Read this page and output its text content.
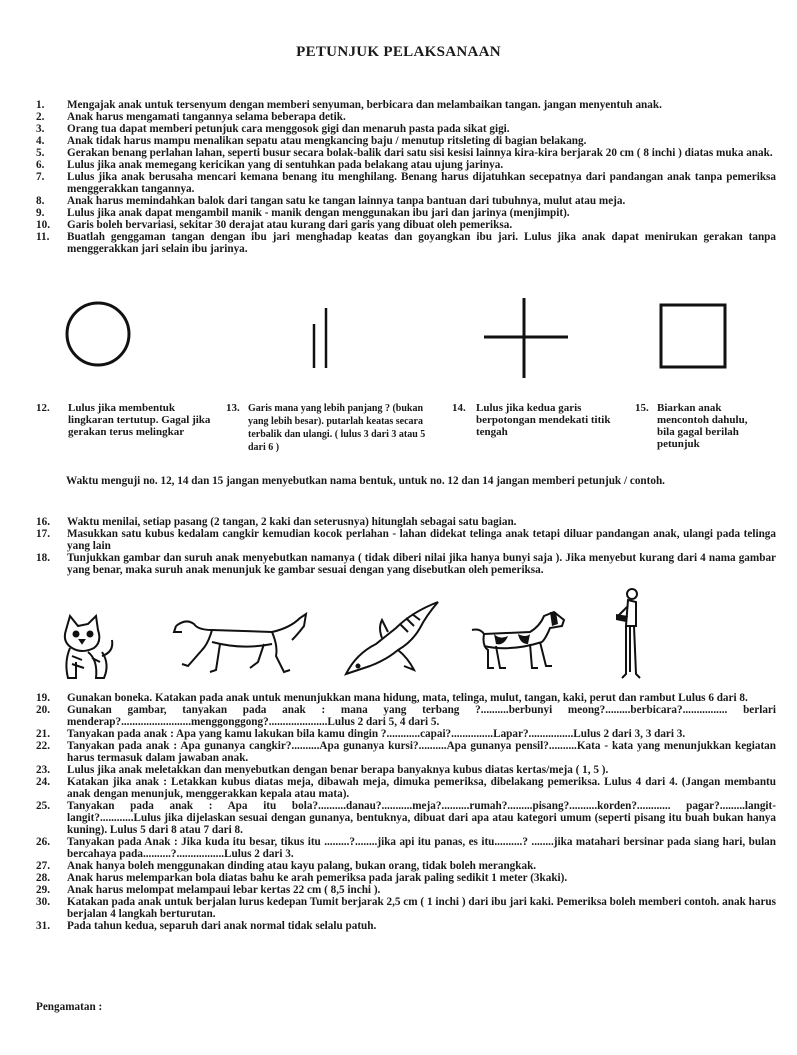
PETUNJUK PELAKSANAAN
1.	Mengajak anak untuk tersenyum dengan memberi senyuman, berbicara dan melambaikan tangan. jangan menyentuh anak.
2.	Anak harus mengamati tangannya selama beberapa detik.
3.	Orang tua dapat memberi petunjuk cara menggosok gigi dan menaruh pasta pada sikat gigi.
4.	Anak tidak harus mampu menalikan sepatu atau mengkancing baju / menutup ritsleting di bagian belakang.
5.	Gerakan benang perlahan lahan, seperti busur secara bolak-balik dari satu sisi kesisi lainnya kira-kira berjarak 20 cm ( 8 inchi ) diatas muka anak.
6.	Lulus jika anak memegang kericikan yang di sentuhkan pada belakang atau ujung jarinya.
7.	Lulus jika anak berusaha mencari kemana benang itu menghilang. Benang harus dijatuhkan secepatnya dari pandangan anak tanpa pemeriksa menggerakkan tangannya.
8.	Anak harus memindahkan balok dari tangan satu ke tangan lainnya tanpa bantuan dari tubuhnya, mulut atau meja.
9.	Lulus jika anak dapat mengambil manik - manik dengan menggunakan ibu jari dan jarinya (menjimpit).
10.	Garis boleh bervariasi, sekitar 30 derajat atau kurang dari garis yang dibuat oleh pemeriksa.
11.	Buatlah genggaman tangan dengan ibu jari menghadap keatas dan goyangkan ibu jari. Lulus jika anak dapat menirukan gerakan tanpa menggerakkan jari selain ibu jarinya.
12. Lulus jika membentuk lingkaran tertutup. Gagal jika gerakan terus melingkar
13. Garis mana yang lebih panjang ? (bukan yang lebih besar). putarlah keatas secara terbalik dan ulangi. ( lulus 3 dari 3 atau 5 dari 6 )
14. Lulus jika kedua garis berpotongan mendekati titik tengah
15. Biarkan anak mencontoh dahulu, bila gagal berilah petunjuk
Waktu menguji no. 12, 14 dan 15 jangan menyebutkan nama bentuk, untuk no. 12 dan 14 jangan memberi petunjuk / contoh.
16.	Waktu menilai, setiap pasang (2 tangan, 2 kaki dan seterusnya) hitunglah sebagai satu bagian.
17.	Masukkan satu kubus kedalam cangkir kemudian kocok perlahan - lahan didekat telinga anak tetapi diluar pandangan anak, ulangi pada telinga yang lain
18.	Tunjukkan gambar dan suruh anak menyebutkan namanya ( tidak diberi nilai jika hanya bunyi saja ). Jika menyebut kurang dari 4 nama gambar yang benar, maka suruh anak menunjuk ke gambar sesuai dengan yang disebutkan oleh pemeriksa.
19.	Gunakan boneka. Katakan pada anak untuk menunjukkan mana hidung, mata, telinga, mulut, tangan, kaki, perut dan rambut Lulus 6 dari 8.
20.	Gunakan gambar, tanyakan pada anak : mana yang terbang ?..........berbunyi meong?.........berbicara?................ berlari menderap?.........................menggonggong?.....................Lulus 2 dari 5, 4 dari 5.
21.	Tanyakan pada anak : Apa yang kamu lakukan bila kamu dingin ?............capai?...............Lapar?................Lulus 2 dari 3, 3 dari 3.
22.	Tanyakan pada anak : Apa gunanya cangkir?..........Apa gunanya kursi?..........Apa gunanya pensil?..........Kata - kata yang menunjukkan kegiatan harus termasuk dalam jawaban anak.
23.	Lulus jika anak meletakkan dan menyebutkan dengan benar berapa banyaknya kubus diatas kertas/meja ( 1, 5 ).
24.	Katakan jika anak : Letakkan kubus diatas meja, dibawah meja, dimuka pemeriksa, dibelakang pemeriksa. Lulus 4 dari 4. (Jangan membantu anak dengan menunjuk, menggerakkan kepala atau mata).
25.	Tanyakan pada anak : Apa itu bola?..........danau?...........meja?..........rumah?.........pisang?..........korden?............ pagar?.........langit-langit?............Lulus jika dijelaskan sesuai dengan gunanya, bentuknya, dibuat dari apa atau kategori umum (seperti pisang itu buah bukan hanya kuning). Lulus 5 dari 8 atau 7 dari 8.
26.	Tanyakan pada Anak : Jika kuda itu besar, tikus itu .........?........jika api itu panas, es itu..........? ........jika matahari bersinar pada siang hari, bulan bercahaya pada..........?.................Lulus 2 dari 3.
27.	Anak hanya boleh menggunakan dinding atau kayu palang, bukan orang, tidak boleh merangkak.
28.	Anak harus melemparkan bola diatas bahu ke arah pemeriksa pada jarak paling sedikit 1 meter (3kaki).
29.	Anak harus melompat melampaui lebar kertas 22 cm ( 8,5 inchi ).
30.	Katakan pada anak untuk berjalan lurus kedepan Tumit berjarak 2,5 cm ( 1 inchi ) dari ibu jari kaki. Pemeriksa boleh memberi contoh. anak harus berjalan 4 langkah berturutan.
31.	Pada tahun kedua, separuh dari anak normal tidak selalu patuh.
Pengamatan :
